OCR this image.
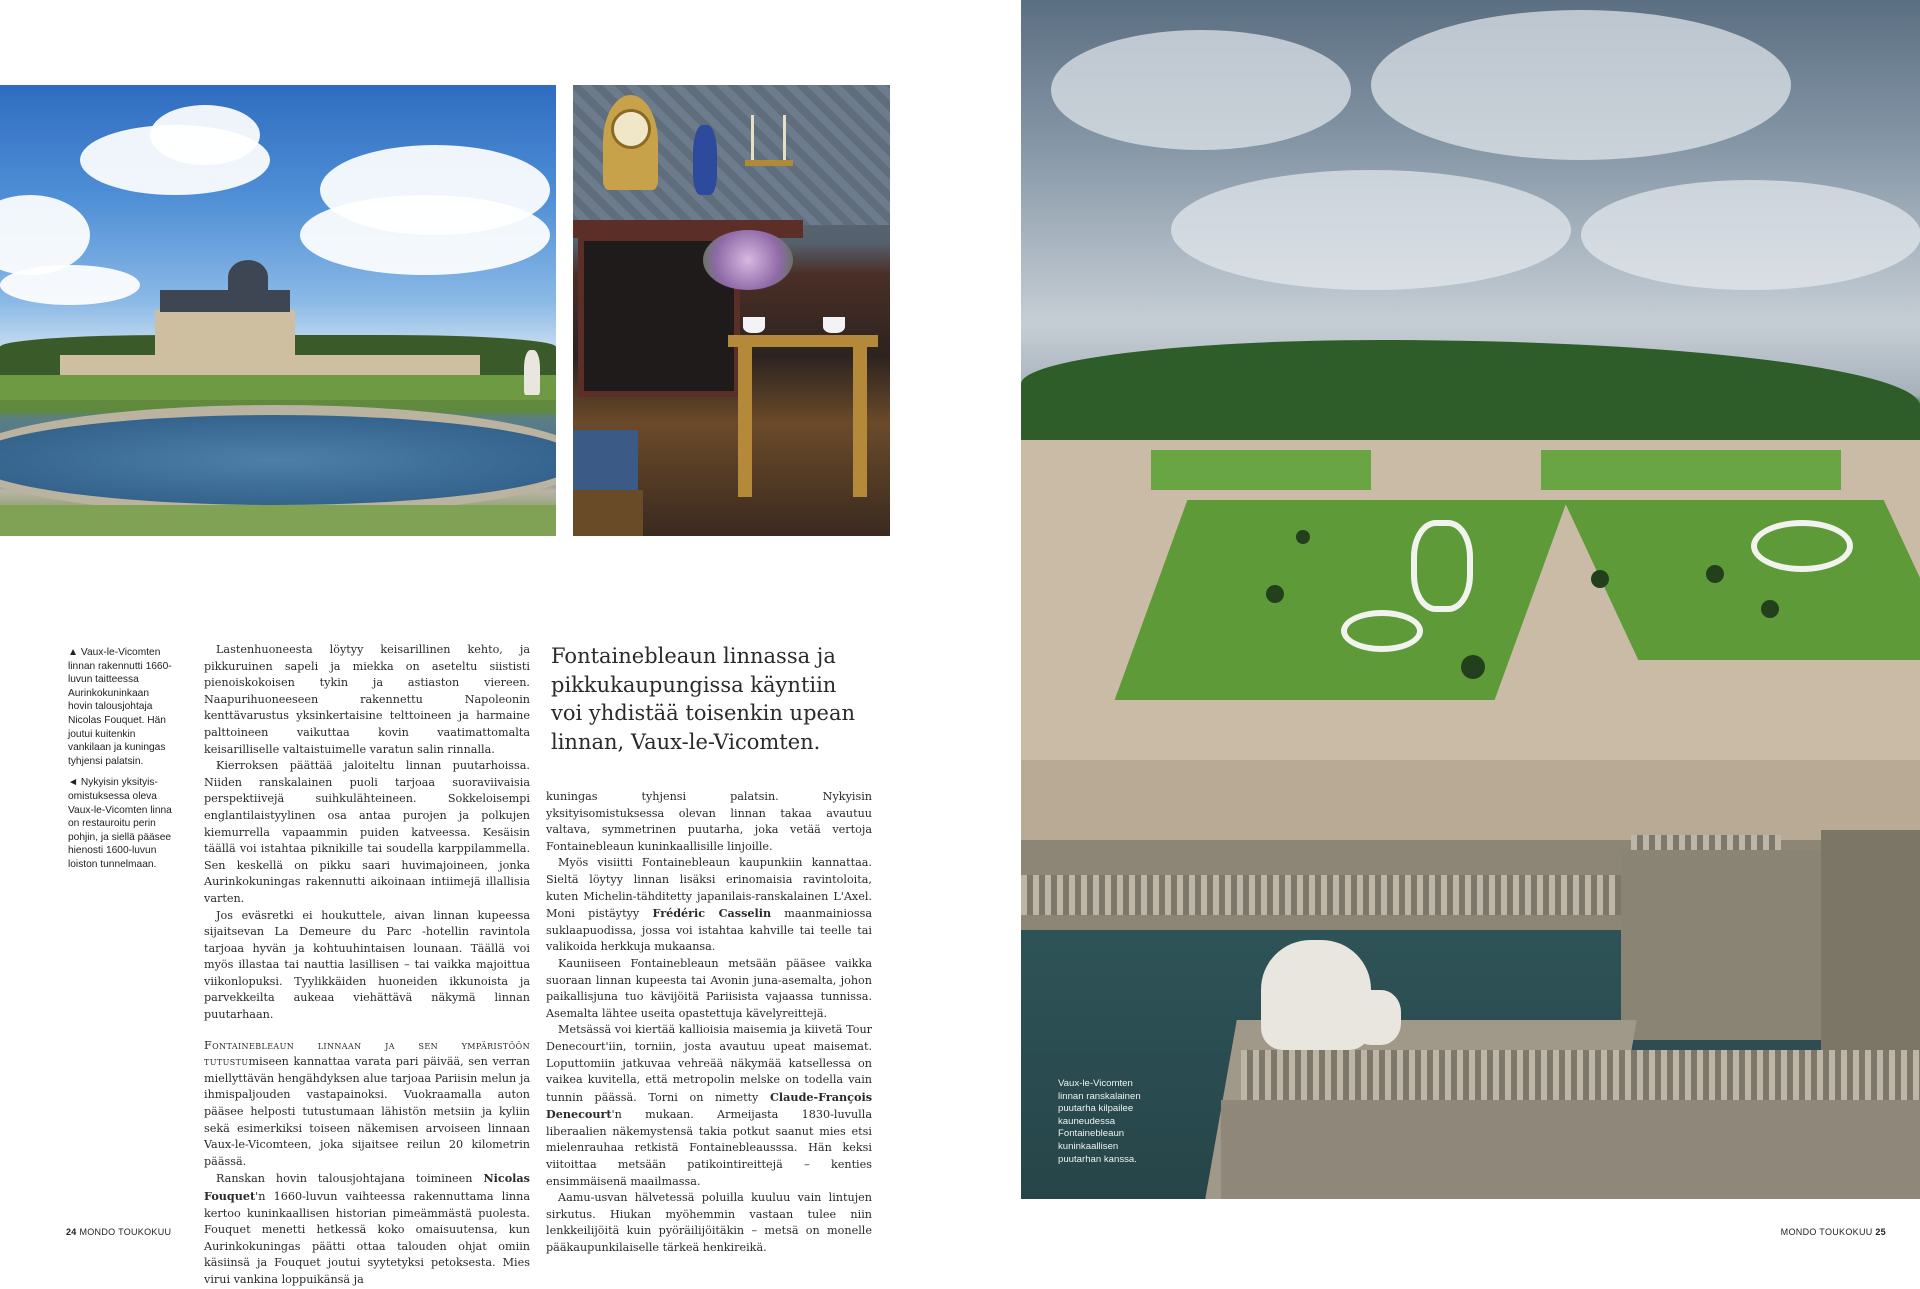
▲ Vaux-le-Vicomten linnan rakennutti 1660-luvun taitteessa Aurinkokuninkaan hovin talousjohtaja Nicolas Fouquet. Hän joutui kuitenkin vankilaan ja kuningas tyhjensi palatsin.

◄ Nykyisin yksityis-omistuksessa oleva Vaux-le-Vicomten linna on restauroitu perin pohjin, ja siellä pääsee hienosti 1600-luvun loiston tunnelmaan.

Lastenhuoneesta löytyy keisarillinen kehto, ja pikkuruinen sapeli ja miekka on aseteltu siististi pienoiskokoisen tykin ja astiaston viereen. Naapurihuoneeseen rakennettu Napoleonin kenttävarustus yksinkertaisine telttoineen ja harmaine palttoineen vaikuttaa kovin vaatimattomalta keisarilliselle valtaistuimelle varatun salin rinnalla.

Kierroksen päättää jaloiteltu linnan puutarhoissa. Niiden ranskalainen puoli tarjoaa suoraviivaisia perspektiivejä suihkulähteineen. Sokkeloisempi englantilaistyylinen osa antaa purojen ja polkujen kiemurrella vapaammin puiden katveessa. Kesäisin täällä voi istahtaa piknikille tai soudella karppilammella. Sen keskellä on pikku saari huvimajoineen, jonka Aurinkokuningas rakennutti aikoinaan intiimejä illallisia varten.

Jos eväsretki ei houkuttele, aivan linnan kupeessa sijaitsevan La Demeure du Parc -hotellin ravintola tarjoaa hyvän ja kohtuuhintaisen lounaan. Täällä voi myös illastaa tai nauttia lasillisen – tai vaikka majoittua viikonlopuksi. Tyylikkäiden huoneiden ikkunoista ja parvekkeilta aukeaa viehättävä näkymä linnan puutarhaan.

Fontainebleaun linnaan ja sen ympäristöön tutustumiseen kannattaa varata pari päivää, sen verran miellyttävän hengähdyksen alue tarjoaa Pariisin melun ja ihmispaljouden vastapainoksi. Vuokraamalla auton pääsee helposti tutustumaan lähistön metsiin ja kyliin sekä esimerkiksi toiseen näkemisen arvoiseen linnaan Vaux-le-Vicomteen, joka sijaitsee reilun 20 kilometrin päässä.

Ranskan hovin talousjohtajana toimineen Nicolas Fouquet'n 1660-luvun vaihteessa rakennuttama linna kertoo kuninkaallisen historian pimeämmästä puolesta. Fouquet menetti hetkessä koko omaisuutensa, kun Aurinkokuningas päätti ottaa talouden ohjat omiin käsiinsä ja Fouquet joutui syytetyksi petoksesta. Mies virui vankina loppuikänsä ja

Fontainebleaun linnassa ja pikkukaupungissa käyntiin voi yhdistää toisenkin upean linnan, Vaux-le-Vicomten.

kuningas tyhjensi palatsin. Nykyisin yksityisomistuksessa olevan linnan takaa avautuu valtava, symmetrinen puutarha, joka vetää vertoja Fontainebleaun kuninkaallisille linjoille.

Myös visiitti Fontainebleaun kaupunkiin kannattaa. Sieltä löytyy linnan lisäksi erinomaisia ravintoloita, kuten Michelin-tähditetty japanilais-ranskalainen L'Axel. Moni pistäytyy Frédéric Casselin maanmainiossa suklaapuodissa, jossa voi istahtaa kahville tai teelle tai valikoida herkkuja mukaansa.

Kauniiseen Fontainebleaun metsään pääsee vaikka suoraan linnan kupeesta tai Avonin juna-asemalta, johon paikallisjuna tuo kävijöitä Pariisista vajaassa tunnissa. Asemalta lähtee useita opastettuja kävelyreittejä.

Metsässä voi kiertää kallioisia maisemia ja kiivetä Tour Denecourt'iin, torniin, josta avautuu upeat maisemat. Loputtomiin jatkuvaa vehreää näkymää katsellessa on vaikea kuvitella, että metropolin melske on todella vain tunnin päässä. Torni on nimetty Claude-François Denecourt'n mukaan. Armeijasta 1830-luvulla liberaalien näkemystensä takia potkut saanut mies etsi mielenrauhaa retkistä Fontainebleausssa. Hän keksi viitoittaa metsään patikointireittejä – kenties ensimmäisenä maailmassa.

Aamu-usvan hälvetessä poluilla kuuluu vain lintujen sirkutus. Hiukan myöhemmin vastaan tulee niin lenkkeilijöitä kuin pyöräilijöitäkin – metsä on monelle pääkaupunkilaiselle tärkeä henkireikä.

Vaux-le-Vicomten linnan ranskalainen puutarha kilpailee kauneudessa Fontainebleaun kuninkaallisen puutarhan kanssa.
24 MONDO TOUKOKUU	MONDO TOUKOKUU 25
